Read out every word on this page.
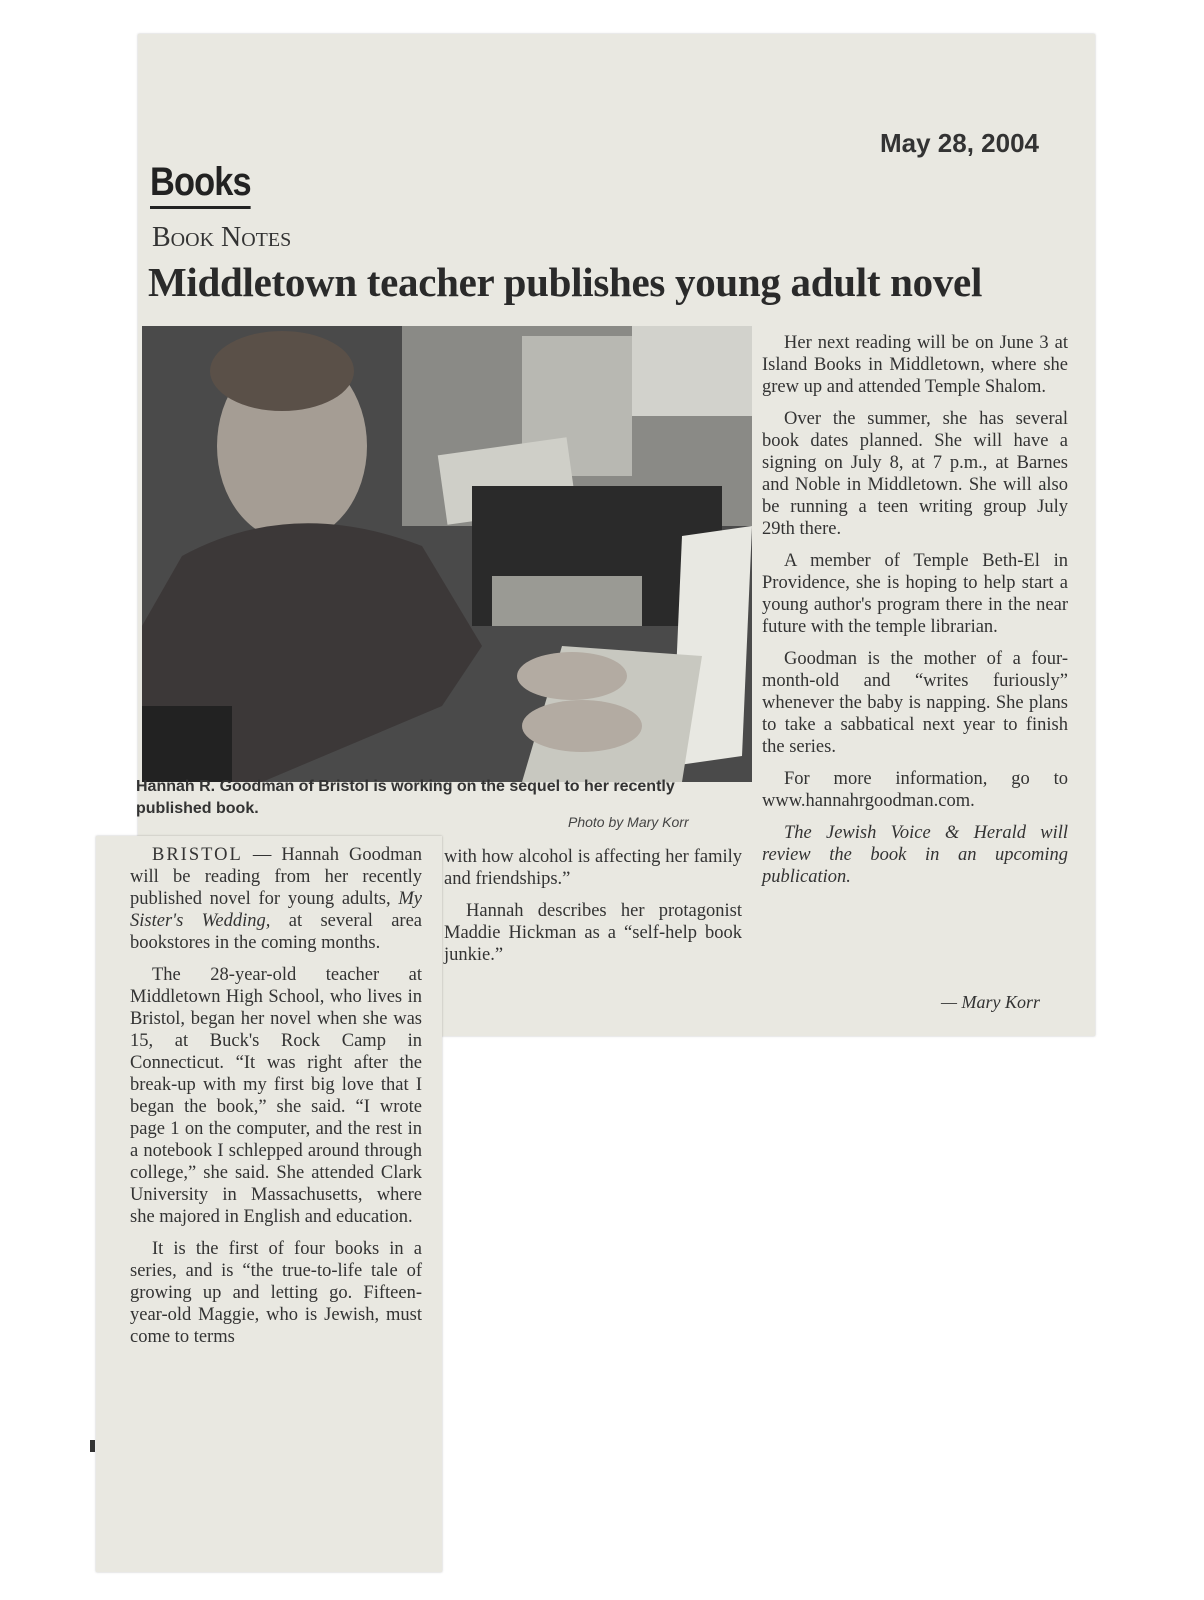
May 28, 2004
Books
Book Notes
Middletown teacher publishes young adult novel
Hannah R. Goodman of Bristol is working on the sequel to her recently published book.
Photo by Mary Korr

BRISTOL — Hannah Goodman will be reading from her recently published novel for young adults, My Sister's Wedding, at several area bookstores in the coming months.

The 28-year-old teacher at Middletown High School, who lives in Bristol, began her novel when she was 15, at Buck's Rock Camp in Connecticut. “It was right after the break-up with my first big love that I began the book,” she said. “I wrote page 1 on the computer, and the rest in a notebook I schlepped around through college,” she said. She attended Clark University in Massachusetts, where she majored in English and education.

It is the first of four books in a series, and is “the true-to-life tale of growing up and letting go. Fifteen-year-old Maggie, who is Jewish, must come to terms

with how alcohol is affecting her family and friendships.”

Hannah describes her protagonist Maddie Hickman as a “self-help book junkie.”

Her next reading will be on June 3 at Island Books in Middletown, where she grew up and attended Temple Shalom.

Over the summer, she has several book dates planned. She will have a signing on July 8, at 7 p.m., at Barnes and Noble in Middletown. She will also be running a teen writing group July 29th there.

A member of Temple Beth-El in Providence, she is hoping to help start a young author's program there in the near future with the temple librarian.

Goodman is the mother of a four-month-old and “writes furiously” whenever the baby is napping. She plans to take a sabbatical next year to finish the series.

For more information, go to www.hannahrgoodman.com.

The Jewish Voice & Herald will review the book in an upcoming publication.

— Mary Korr
